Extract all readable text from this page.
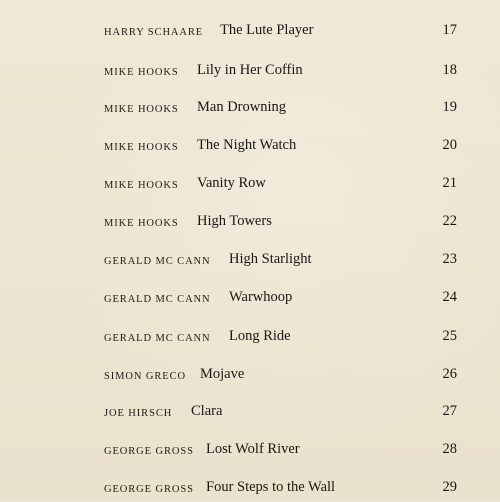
HARRY SCHAARE The Lute Player	17
MIKE HOOKS Lily in Her Coffin	18
MIKE HOOKS Man Drowning	19
MIKE HOOKS The Night Watch	20
MIKE HOOKS Vanity Row	21
MIKE HOOKS High Towers	22
GERALD MC CANN High Starlight	23
GERALD MC CANN Warwhoop	24
GERALD MC CANN Long Ride	25
SIMON GRECO Mojave	26
JOE HIRSCH Clara	27
GEORGE GROSS Lost Wolf River	28
GEORGE GROSS Four Steps to the Wall	29
